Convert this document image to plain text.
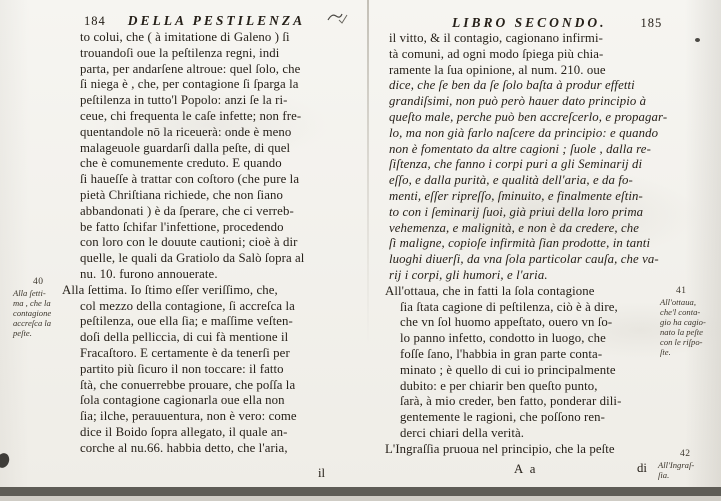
184 DELLA PESTILENZA
to colui, che ( à imitatione di Galeno ) ſi
trouandoſi oue la peſtilenza regni, indi
parta, per andarſene altroue: quel ſolo, che
ſi niega è , che, per contagione ſi ſparga la
peſtilenza in tutto'l Popolo: anzi ſe la ri-
ceue, chi frequenta le caſe infette; non fre-
quentandole nō la riceuerà: onde è meno
malageuole guardarſi dalla peſte, di quel
che è comunemente creduto. E quando
ſi haueſſe à trattar con coſtoro (che pure la
pietà Chriſtiana richiede, che non ſiano
abbandonati ) è da ſperare, che ci verreb-
be fatto ſchifar l'infettione, procedendo
con loro con le douute cautioni; cioè à dir
quelle, le quali da Gratiolo da Salò ſopra al
nu. 10. furono annouerate.
Alla ſettima. Io ſtimo eſſer veriſſimo, che,
col mezzo della contagione, ſi accreſca la
peſtilenza, oue ella ſia; e maſſime veſten-
doſi della pelliccia, di cui fà mentione il
Fracaſtoro. E certamente è da tenerſi per
partito più ſicuro il non toccare: il fatto
ſtà, che conuerrebbe prouare, che poſſa la
ſola contagione cagionarla oue ella non
ſia; ilche, perauuentura, non è vero: come
dice il Boido ſopra allegato, il quale an-
corche al nu.66. habbia detto, che l'aria,
il
40
Alla ſetti-
ma , che la
contagione
accreſca la
peſte.
LIBRO SECONDO.	185
il vitto, & il contagio, cagionano infirmi-
tà comuni, ad ogni modo ſpiega più chia-
ramente la ſua opinione, al num. 210. oue
dice, che ſe ben da ſe ſolo baſta à produr effetti
grandiſsimi, non può però hauer dato principio à
queſto male, perche può ben accreſcerlo, e propagar-
lo, ma non già farlo naſcere da principio: e quando
non è fomentato da altre cagioni ; ſuole , dalla re-
ſiſtenza, che fanno i corpi puri a gli Seminarij di
eſſo, e dalla purità, e qualità dell'aria, e da fo-
menti, eſſer ripreſſo, ſminuito, e finalmente eſtin-
to con i ſeminarij ſuoi, già priui della loro prima
vehemenza, e malignità, e non è da credere, che
ſì maligne, copioſe infirmità ſian prodotte, in tanti
luoghi diuerſi, da vna ſola particolar cauſa, che va-
rij i corpi, gli humori, e l'aria.
All'ottaua, che in fatti la ſola contagione
ſia ſtata cagione di peſtilenza, ciò è à dire,
che vn ſol huomo appeſtato, ouero vn ſo-
lo panno infetto, condotto in luogo, che
foſſe ſano, l'habbia in gran parte conta-
minato ; è quello di cui io principalmente
dubito: e per chiarir ben queſto punto,
ſarà, à mio creder, ben fatto, ponderar dili-
gentemente le ragioni, che poſſono ren-
derci chiari della verità.
L'Ingraſſia pruoua nel principio, che la peſte
A a	di
41
All'ottaua,
che'l conta-
gio ha cagio-
nato la peſte
con le riſpo-
ſte.
42
All'Ingraſ-
ſia.
